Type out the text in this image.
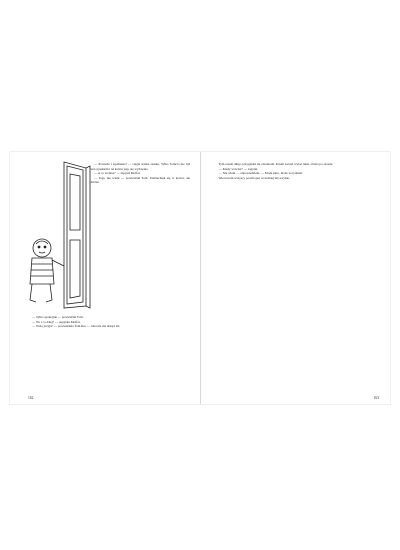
— Powiedz i zgadniesz! — ciągle ściska stonkę. Tylko Tomcio nie był nad ogonkiem i na końcu jego się wydawało.

— A co zrobisz? — zapytał Moffat.

— Tego nie wiem — powiedział Tom. Uśmiechnął się w końcu, ale dobrze.

— Tylko spokojnie — powiedział Tom.

— No i co dalej? — zapytała Moffat.

— Wolę przyjść — powiedziała Tom-Ika. — Ona nie ma dokąd iść.

162

Tym razem długo przyglądał się obrazkom. Potem zaczął czytać tekst, strona po stronie.

— Kiedy wrócisz? — zapytał.

— Nie wiem — odpowiedziała. — Może jutro, może za tydzień.

Wieczorem wszyscy poszli spać wcześniej niż zwykle.

163
